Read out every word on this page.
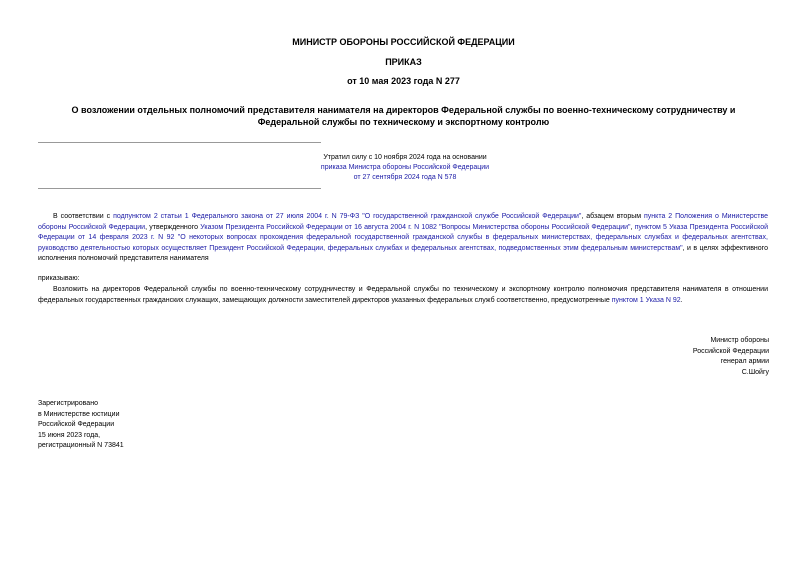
МИНИСТР ОБОРОНЫ РОССИЙСКОЙ ФЕДЕРАЦИИ
ПРИКАЗ
от 10 мая 2023 года N 277
О возложении отдельных полномочий представителя нанимателя на директоров Федеральной службы по военно-техническому сотрудничеству и Федеральной службы по техническому и экспортному контролю
Утратил силу с 10 ноября 2024 года на основании
приказа Министра обороны Российской Федерации
от 27 сентября 2024 года N 578
В соответствии с подпунктом 2 статьи 1 Федерального закона от 27 июля 2004 г. N 79-ФЗ "О государственной гражданской службе Российской Федерации", абзацем вторым пункта 2 Положения о Министерстве обороны Российской Федерации, утвержденного Указом Президента Российской Федерации от 16 августа 2004 г. N 1082 "Вопросы Министерства обороны Российской Федерации", пунктом 5 Указа Президента Российской Федерации от 14 февраля 2023 г. N 92 "О некоторых вопросах прохождения федеральной государственной гражданской службы в федеральных министерствах, федеральных службах и федеральных агентствах, руководство деятельностью которых осуществляет Президент Российской Федерации, федеральных службах и федеральных агентствах, подведомственных этим федеральным министерствам", и в целях эффективного исполнения полномочий представителя нанимателя
приказываю:
Возложить на директоров Федеральной службы по военно-техническому сотрудничеству и Федеральной службы по техническому и экспортному контролю полномочия представителя нанимателя в отношении федеральных государственных гражданских служащих, замещающих должности заместителей директоров указанных федеральных служб соответственно, предусмотренные пунктом 1 Указа N 92.
Министр обороны
Российской Федерации
генерал армии
С.Шойгу
Зарегистрировано
в Министерстве юстиции
Российской Федерации
15 июня 2023 года,
регистрационный N 73841
